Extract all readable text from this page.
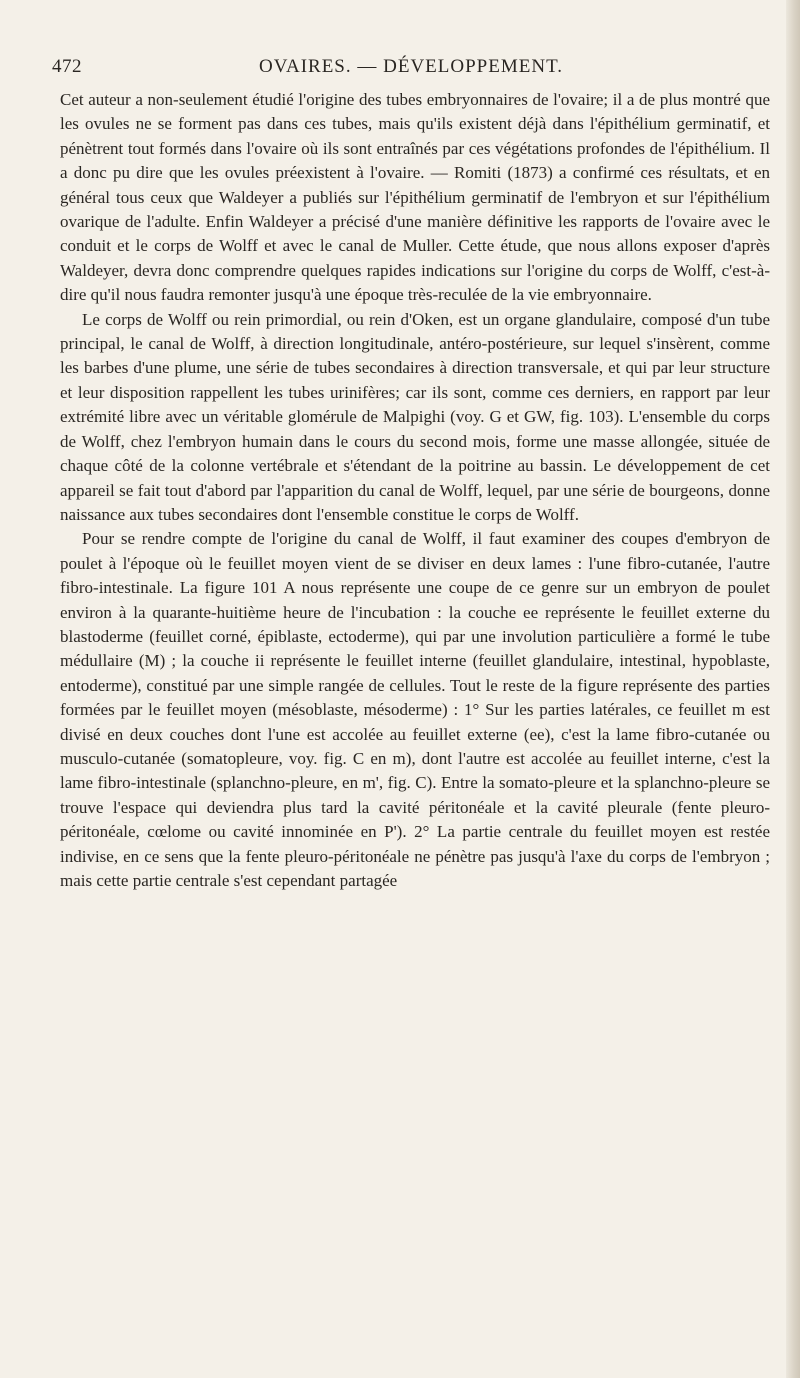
472	OVAIRES. — DÉVELOPPEMENT.

Cet auteur a non-seulement étudié l'origine des tubes embryonnaires de l'ovaire; il a de plus montré que les ovules ne se forment pas dans ces tubes, mais qu'ils existent déjà dans l'épithélium germinatif, et pénètrent tout formés dans l'ovaire où ils sont entraînés par ces végétations profondes de l'épithélium. Il a donc pu dire que les ovules préexistent à l'ovaire. — Romiti (1873) a confirmé ces résultats, et en général tous ceux que Waldeyer a publiés sur l'épithélium germinatif de l'embryon et sur l'épithélium ovarique de l'adulte. Enfin Waldeyer a précisé d'une manière définitive les rapports de l'ovaire avec le conduit et le corps de Wolff et avec le canal de Muller. Cette étude, que nous allons exposer d'après Waldeyer, devra donc comprendre quelques rapides indications sur l'origine du corps de Wolff, c'est-à-dire qu'il nous faudra remonter jusqu'à une époque très-reculée de la vie embryonnaire.

Le corps de Wolff ou rein primordial, ou rein d'Oken, est un organe glandulaire, composé d'un tube principal, le canal de Wolff, à direction longitudinale, antéro-postérieure, sur lequel s'insèrent, comme les barbes d'une plume, une série de tubes secondaires à direction transversale, et qui par leur structure et leur disposition rappellent les tubes urinifères; car ils sont, comme ces derniers, en rapport par leur extrémité libre avec un véritable glomérule de Malpighi (voy. G et GW, fig. 103). L'ensemble du corps de Wolff, chez l'embryon humain dans le cours du second mois, forme une masse allongée, située de chaque côté de la colonne vertébrale et s'étendant de la poitrine au bassin. Le développement de cet appareil se fait tout d'abord par l'apparition du canal de Wolff, lequel, par une série de bourgeons, donne naissance aux tubes secondaires dont l'ensemble constitue le corps de Wolff.

Pour se rendre compte de l'origine du canal de Wolff, il faut examiner des coupes d'embryon de poulet à l'époque où le feuillet moyen vient de se diviser en deux lames : l'une fibro-cutanée, l'autre fibro-intestinale. La figure 101 A nous représente une coupe de ce genre sur un embryon de poulet environ à la quarante-huitième heure de l'incubation : la couche ee représente le feuillet externe du blastoderme (feuillet corné, épiblaste, ectoderme), qui par une involution particulière a formé le tube médullaire (M) ; la couche ii représente le feuillet interne (feuillet glandulaire, intestinal, hypoblaste, entoderme), constitué par une simple rangée de cellules. Tout le reste de la figure représente des parties formées par le feuillet moyen (mésoblaste, mésoderme) : 1° Sur les parties latérales, ce feuillet m est divisé en deux couches dont l'une est accolée au feuillet externe (ee), c'est la lame fibro-cutanée ou musculo-cutanée (somatopleure, voy. fig. C en m), dont l'autre est accolée au feuillet interne, c'est la lame fibro-intestinale (splanchno-pleure, en m', fig. C). Entre la somato-pleure et la splanchno-pleure se trouve l'espace qui deviendra plus tard la cavité péritonéale et la cavité pleurale (fente pleuro-péritonéale, cœlome ou cavité innominée en P'). 2° La partie centrale du feuillet moyen est restée indivise, en ce sens que la fente pleuro-péritonéale ne pénètre pas jusqu'à l'axe du corps de l'embryon ; mais cette partie centrale s'est cependant partagée
